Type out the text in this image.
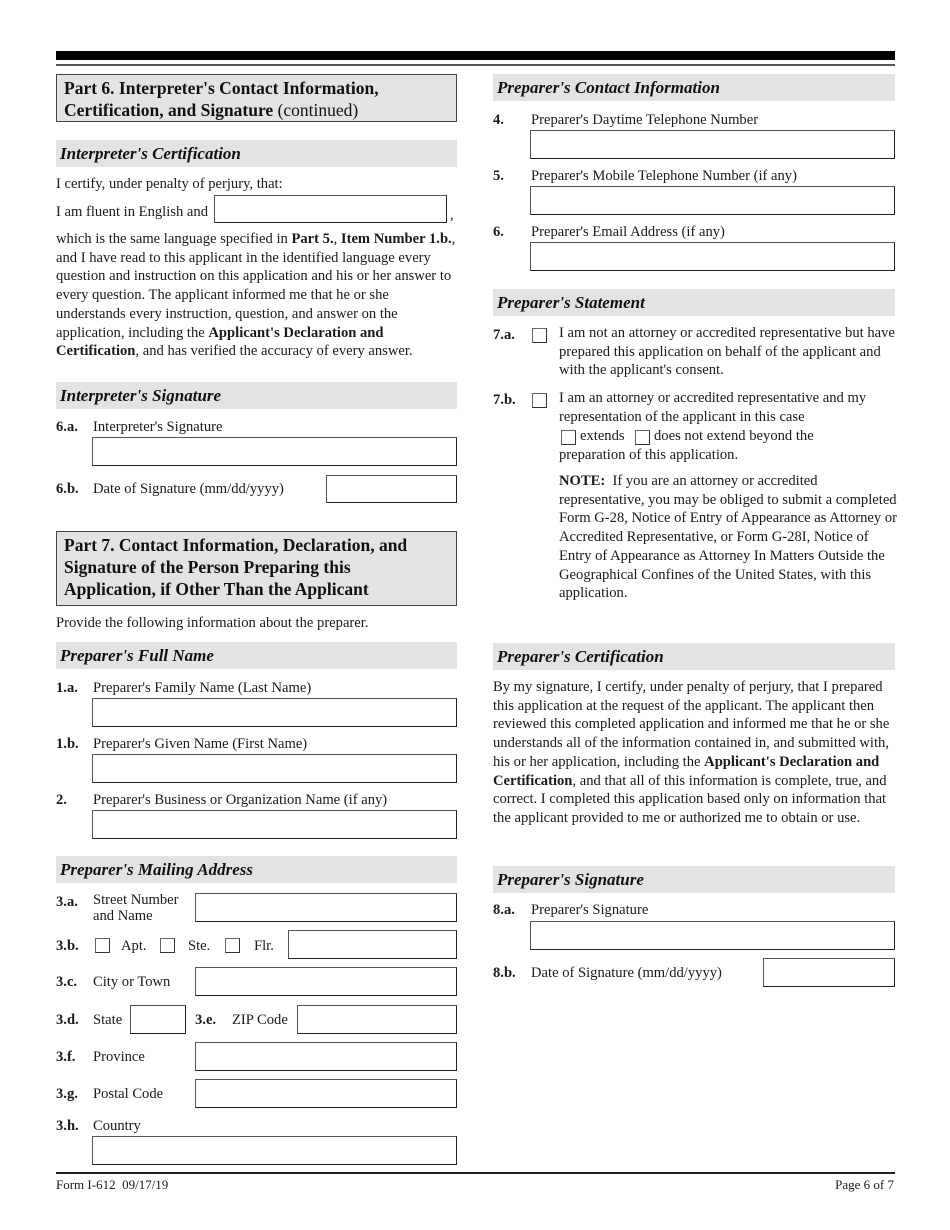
Part 6. Interpreter's Contact Information,
Certification, and Signature (continued)
Interpreter's Certification
I certify, under penalty of perjury, that:
I am fluent in English and	,
which is the same language specified in Part 5., Item Number 1.b., and I have read to this applicant in the identified language every question and instruction on this application and his or her answer to every question. The applicant informed me that he or she understands every instruction, question, and answer on the application, including the Applicant's Declaration and Certification, and has verified the accuracy of every answer.
Interpreter's Signature
6.a. Interpreter's Signature
6.b. Date of Signature (mm/dd/yyyy)
Part 7. Contact Information, Declaration, and
Signature of the Person Preparing this
Application, if Other Than the Applicant
Provide the following information about the preparer.
Preparer's Full Name
1.a. Preparer's Family Name (Last Name)
1.b. Preparer's Given Name (First Name)
2. Preparer's Business or Organization Name (if any)
Preparer's Mailing Address
3.a. Street Number
and Name
3.b.	Apt.	Ste.	Flr.
3.c. City or Town
3.d. State	3.e. ZIP Code
3.f. Province
3.g. Postal Code
3.h. Country
Preparer's Contact Information
4. Preparer's Daytime Telephone Number
5. Preparer's Mobile Telephone Number (if any)
6. Preparer's Email Address (if any)
Preparer's Statement
7.a.	I am not an attorney or accredited representative but have prepared this application on behalf of the applicant and with the applicant's consent.
7.b.	I am an attorney or accredited representative and my
representation of the applicant in this case
extends does not extend beyond the
preparation of this application.
NOTE:  If you are an attorney or accredited representative, you may be obliged to submit a completed Form G-28, Notice of Entry of Appearance as Attorney or Accredited Representative, or Form G-28I, Notice of Entry of Appearance as Attorney In Matters Outside the Geographical Confines of the United States, with this application.
Preparer's Certification
By my signature, I certify, under penalty of perjury, that I prepared this application at the request of the applicant. The applicant then reviewed this completed application and informed me that he or she understands all of the information contained in, and submitted with, his or her application, including the Applicant's Declaration and Certification, and that all of this information is complete, true, and correct. I completed this application based only on information that the applicant provided to me or authorized me to obtain or use.
Preparer's Signature
8.a. Preparer's Signature
8.b. Date of Signature (mm/dd/yyyy)
Form I-612  09/17/19	Page 6 of 7
